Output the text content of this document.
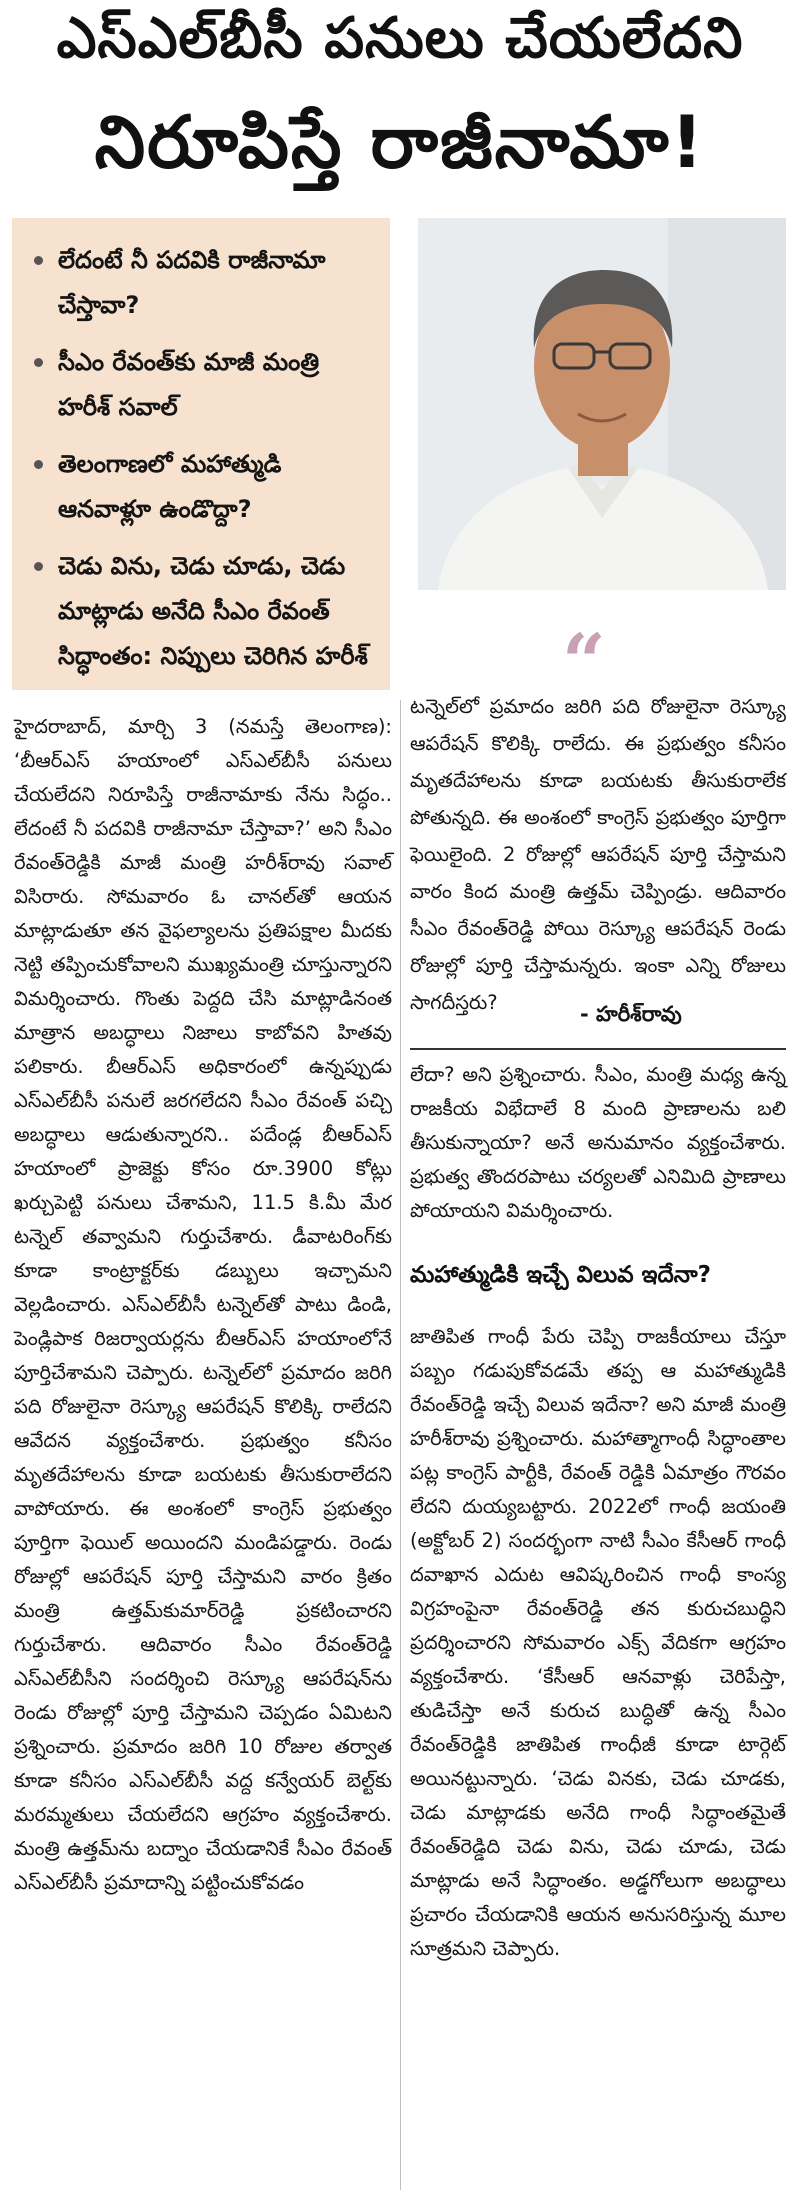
ఎస్‌ఎల్‌బీసీ పనులు చేయలేదని
నిరూపిస్తే రాజీనామా!
లేదంటే నీ పదవికి రాజీనామా చేస్తావా?
సీఎం రేవంత్‌కు మాజీ మంత్రి హరీశ్ సవాల్
తెలంగాణలో మహాత్ముడి ఆనవాళ్లూ ఉండొద్దా?
చెడు విను, చెడు చూడు, చెడు మాట్లాడు అనేది సీఎం రేవంత్ సిద్ధాంతం: నిప్పులు చెరిగిన హరీశ్	“

టన్నెల్‌లో ప్రమాదం జరిగి పది రోజులైనా రెస్క్యూ ఆపరేషన్ కొలిక్కి రాలేదు. ఈ ప్రభుత్వం కనీసం మృతదేహాలను కూడా బయటకు తీసుకురాలేక పోతున్నది. ఈ అంశంలో కాంగ్రెస్ ప్రభుత్వం పూర్తిగా ఫెయిలైంది. 2 రోజుల్లో ఆపరేషన్ పూర్తి చేస్తామని వారం కింద మంత్రి ఉత్తమ్ చెప్పిండ్రు. ఆదివారం సీఎం రేవంత్‌రెడ్డి పోయి రెస్క్యూ ఆపరేషన్ రెండు రోజుల్లో పూర్తి చేస్తామన్నరు. ఇంకా ఎన్ని రోజులు సాగదీస్తరు?	- హరీశ్‌రావు

హైదరాబాద్, మార్చి 3 (నమస్తే తెలంగాణ): ‘బీఆర్‌ఎస్ హయాంలో ఎస్‌ఎల్‌బీసీ పనులు చేయలేదని నిరూపిస్తే రాజీనామాకు నేను సిద్ధం.. లేదంటే నీ పదవికి రాజీనామా చేస్తావా?’ అని సీఎం రేవంత్‌రెడ్డికి మాజీ మంత్రి హరీశ్‌రావు సవాల్ విసిరారు. సోమవారం ఓ చానల్‌తో ఆయన మాట్లాడుతూ తన వైఫల్యాలను ప్రతిపక్షాల మీదకు నెట్టి తప్పించుకోవాలని ముఖ్యమంత్రి చూస్తున్నారని విమర్శించారు. గొంతు పెద్దది చేసి మాట్లాడినంత మాత్రాన అబద్ధాలు నిజాలు కాబోవని హితవు పలికారు. బీఆర్‌ఎస్ అధికారంలో ఉన్నప్పుడు ఎస్‌ఎల్‌బీసీ పనులే జరగలేదని సీఎం రేవంత్ పచ్చి అబద్ధాలు ఆడుతున్నారని.. పదేండ్ల బీఆర్‌ఎస్ హయాంలో ప్రాజెక్టు కోసం రూ.3900 కోట్లు ఖర్చుపెట్టి పనులు చేశామని, 11.5 కి.మీ మేర టన్నెల్ తవ్వామని గుర్తుచేశారు. డీవాటరింగ్‌కు కూడా కాంట్రాక్టర్‌కు డబ్బులు ఇచ్చామని వెల్లడించారు. ఎస్‌ఎల్‌బీసీ టన్నెల్‌తో పాటు డిండి, పెండ్లిపాక రిజర్వాయర్లను బీఆర్‌ఎస్ హయాంలోనే పూర్తిచేశామని చెప్పారు. టన్నెల్‌లో ప్రమాదం జరిగి పది రోజులైనా రెస్క్యూ ఆపరేషన్ కొలిక్కి రాలేదని ఆవేదన వ్యక్తంచేశారు. ప్రభుత్వం కనీసం మృతదేహాలను కూడా బయటకు తీసుకురాలేదని వాపోయారు. ఈ అంశంలో కాంగ్రెస్ ప్రభుత్వం పూర్తిగా ఫెయిల్ అయిందని మండిపడ్డారు. రెండు రోజుల్లో ఆపరేషన్ పూర్తి చేస్తామని వారం క్రితం మంత్రి ఉత్తమ్‌కుమార్‌రెడ్డి ప్రకటించారని గుర్తుచేశారు. ఆదివారం సీఎం రేవంత్‌రెడ్డి ఎస్‌ఎల్‌బీసీని సందర్శించి రెస్క్యూ ఆపరేషన్‌ను రెండు రోజుల్లో పూర్తి చేస్తామని చెప్పడం ఏమిటని ప్రశ్నించారు. ప్రమాదం జరిగి 10 రోజుల తర్వాత కూడా కనీసం ఎస్‌ఎల్‌బీసీ వద్ద కన్వేయర్ బెల్ట్‌కు మరమ్మతులు చేయలేదని ఆగ్రహం వ్యక్తంచేశారు. మంత్రి ఉత్తమ్‌ను బద్నాం చేయడానికే సీఎం రేవంత్ ఎస్‌ఎల్‌బీసీ ప్రమాదాన్ని పట్టించుకోవడం

లేదా? అని ప్రశ్నించారు. సీఎం, మంత్రి మధ్య ఉన్న రాజకీయ విభేదాలే 8 మంది ప్రాణాలను బలి తీసుకున్నాయా? అనే అనుమానం వ్యక్తంచేశారు. ప్రభుత్వ తొందరపాటు చర్యలతో ఎనిమిది ప్రాణాలు పోయాయని విమర్శించారు.

మహాత్ముడికి ఇచ్చే విలువ ఇదేనా?

జాతిపిత గాంధీ పేరు చెప్పి రాజకీయాలు చేస్తూ పబ్బం గడుపుకోవడమే తప్ప ఆ మహాత్ముడికి రేవంత్‌రెడ్డి ఇచ్చే విలువ ఇదేనా? అని మాజీ మంత్రి హరీశ్‌రావు ప్రశ్నించారు. మహాత్మాగాంధీ సిద్ధాంతాల పట్ల కాంగ్రెస్ పార్టీకి, రేవంత్ రెడ్డికి ఏమాత్రం గౌరవం లేదని దుయ్యబట్టారు. 2022లో గాంధీ జయంతి (అక్టోబర్ 2) సందర్భంగా నాటి సీఎం కేసీఆర్ గాంధీ దవాఖాన ఎదుట ఆవిష్కరించిన గాంధీ కాంస్య విగ్రహంపైనా రేవంత్‌రెడ్డి తన కురుచబుద్ధిని ప్రదర్శించారని సోమవారం ఎక్స్ వేదికగా ఆగ్రహం వ్యక్తంచేశారు. ‘కేసీఆర్ ఆనవాళ్లు చెరిపేస్తా, తుడిచేస్తా అనే కురుచ బుద్ధితో ఉన్న సీఎం రేవంత్‌రెడ్డికి జాతిపిత గాంధీజీ కూడా టార్గెట్ అయినట్టున్నారు. ‘చెడు వినకు, చెడు చూడకు, చెడు మాట్లాడకు అనేది గాంధీ సిద్ధాంతమైతే రేవంత్‌రెడ్డిది చెడు విను, చెడు చూడు, చెడు మాట్లాడు అనే సిద్ధాంతం. అడ్డగోలుగా అబద్ధాలు ప్రచారం చేయడానికి ఆయన అనుసరిస్తున్న మూల సూత్రమని చెప్పారు.
